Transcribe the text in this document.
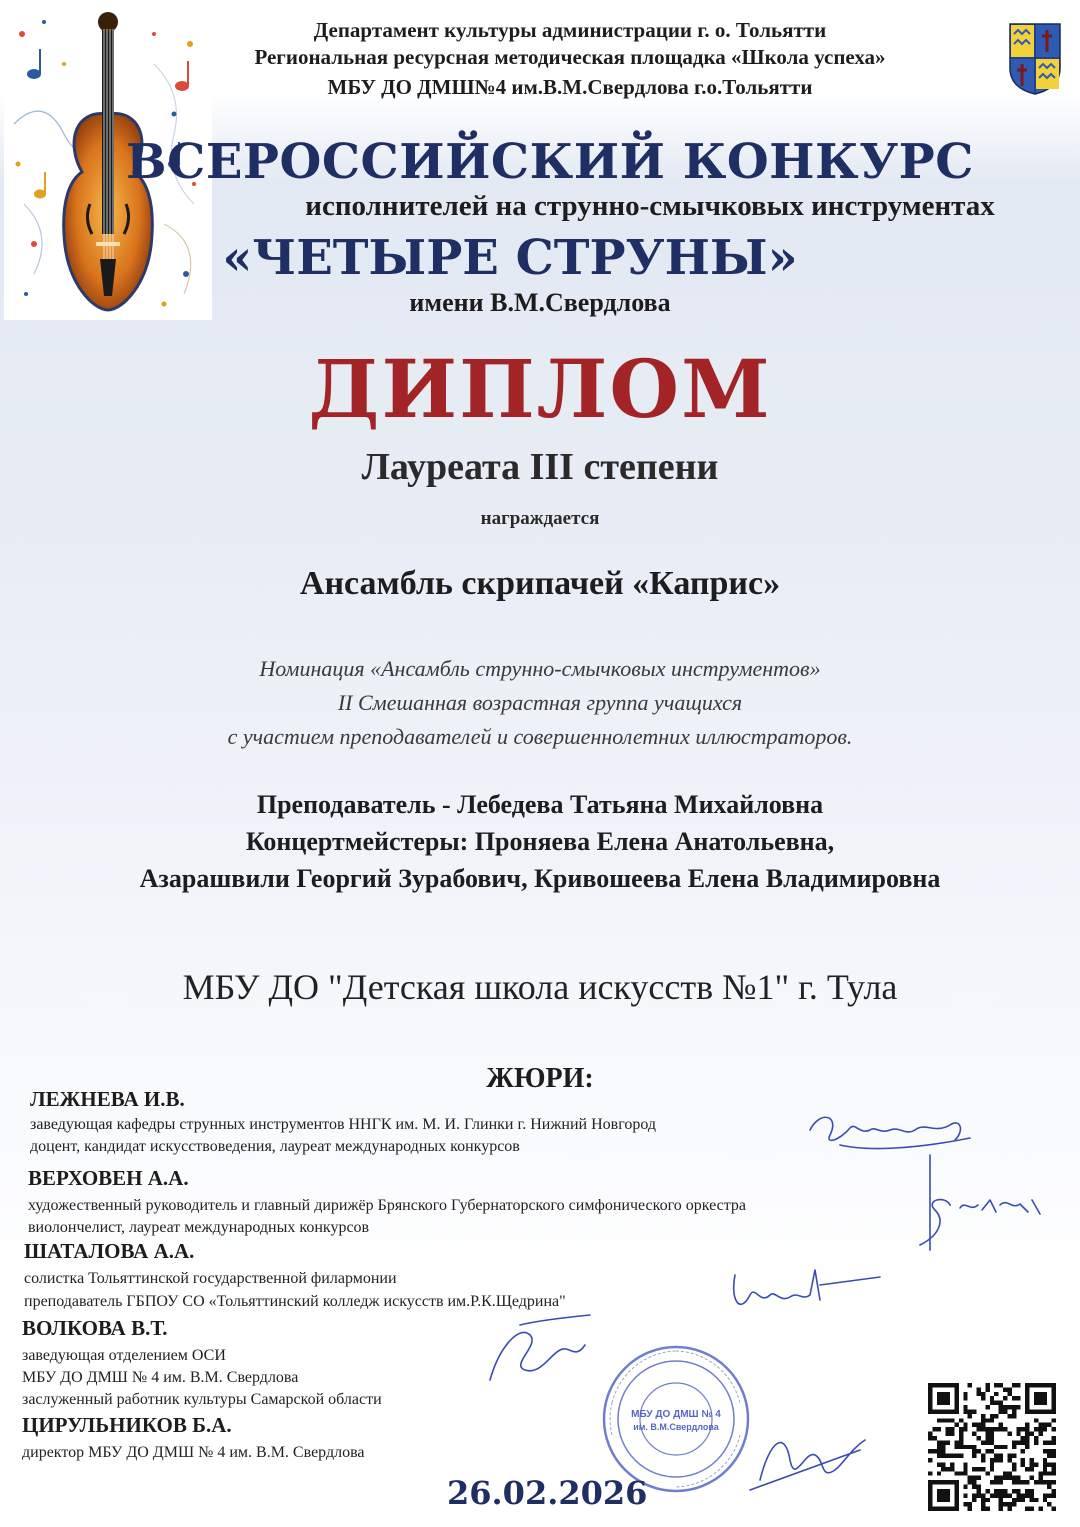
Департамент культуры администрации г. о. Тольятти
Региональная ресурсная методическая площадка «Школа успеха»
МБУ ДО ДМШ№4 им.В.М.Свердлова г.о.Тольятти
ВСЕРОССИЙСКИЙ КОНКУРС
исполнителей на струнно-смычковых инструментах
«ЧЕТЫРЕ СТРУНЫ»
имени В.М.Свердлова
ДИПЛОМ
Лауреата III степени
награждается
Ансамбль скрипачей «Каприс»
Номинация «Ансамбль струнно-смычковых инструментов»
II Смешанная возрастная группа учащихся
с участием преподавателей и совершеннолетних иллюстраторов.
Преподаватель - Лебедева Татьяна Михайловна
Концертмейстеры: Проняева Елена Анатольевна,
Азарашвили Георгий Зурабович, Кривошеева Елена Владимировна
МБУ ДО "Детская школа искусств №1" г. Тула
ЖЮРИ:
ЛЕЖНЕВА И.В.
заведующая кафедры струнных инструментов ННГК им. М. И. Глинки г. Нижний Новгород
доцент, кандидат искусствоведения, лауреат международных конкурсов
ВЕРХОВЕН А.А.
художественный руководитель и главный дирижёр Брянского Губернаторского симфонического оркестра
виолончелист, лауреат международных конкурсов
ШАТАЛОВА А.А.
солистка Тольяттинской государственной филармонии
преподаватель ГБПОУ СО «Тольяттинский колледж искусств им.Р.К.Щедрина"
ВОЛКОВА В.Т.
заведующая отделением ОСИ
МБУ ДО ДМШ № 4 им. В.М. Свердлова
заслуженный работник культуры Самарской области
ЦИРУЛЬНИКОВ Б.А.
директор МБУ ДО ДМШ № 4 им. В.М. Свердлова
МБУ ДО ДМШ № 4
им. В.М.Свердлова
26.02.2026
